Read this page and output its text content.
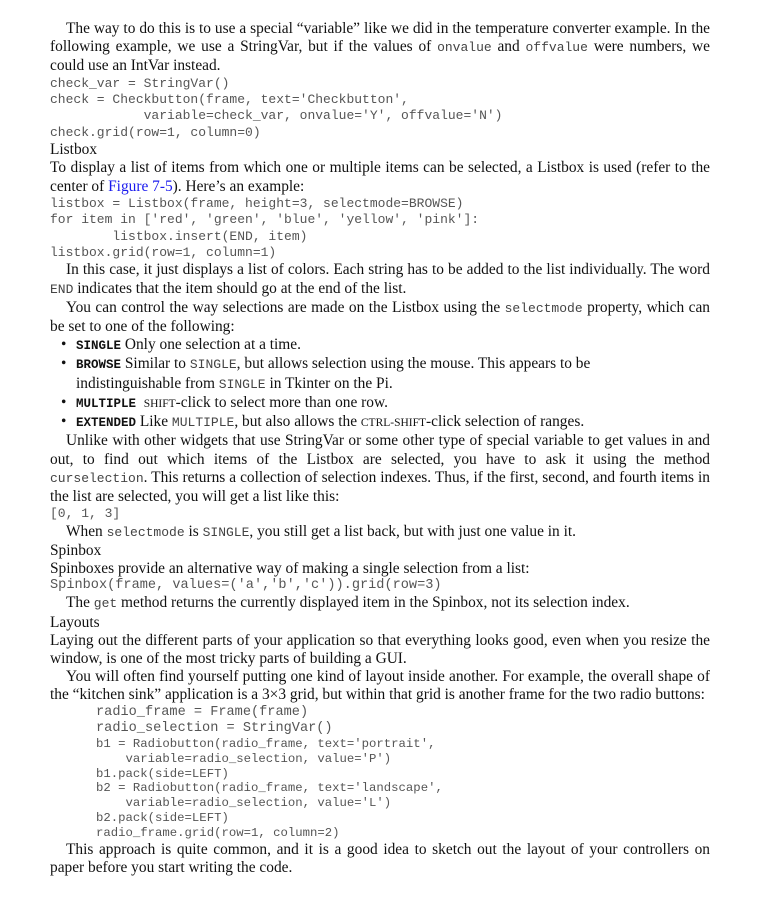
The way to do this is to use a special “variable” like we did in the temperature converter example. In the following example, we use a StringVar, but if the values of onvalue and offvalue were numbers, we could use an IntVar instead.

check_var = StringVar()
check = Checkbutton(frame, text='Checkbutton',
variable=check_var, onvalue='Y', offvalue='N')
check.grid(row=1, column=0)

Listbox

To display a list of items from which one or multiple items can be selected, a Listbox is used (refer to the center of Figure 7-5). Here’s an example:

listbox = Listbox(frame, height=3, selectmode=BROWSE)
for item in ['red', 'green', 'blue', 'yellow', 'pink']:
listbox.insert(END, item)
listbox.grid(row=1, column=1)

In this case, it just displays a list of colors. Each string has to be added to the list individually. The word END indicates that the item should go at the end of the list.

You can control the way selections are made on the Listbox using the selectmode property, which can be set to one of the following:

• SINGLE Only one selection at a time.
• BROWSE Similar to SINGLE, but allows selection using the mouse. This appears to be indistinguishable from SINGLE in Tkinter on the Pi.
• MULTIPLE SHIFT-click to select more than one row.
• EXTENDED Like MULTIPLE, but also allows the CTRL-SHIFT-click selection of ranges.

Unlike with other widgets that use StringVar or some other type of special variable to get values in and out, to find out which items of the Listbox are selected, you have to ask it using the method curselection. This returns a collection of selection indexes. Thus, if the first, second, and fourth items in the list are selected, you will get a list like this:

[0, 1, 3]

When selectmode is SINGLE, you still get a list back, but with just one value in it.

Spinbox

Spinboxes provide an alternative way of making a single selection from a list:

Spinbox(frame, values=('a','b','c')).grid(row=3)

The get method returns the currently displayed item in the Spinbox, not its selection index.

Layouts

Laying out the different parts of your application so that everything looks good, even when you resize the window, is one of the most tricky parts of building a GUI.

You will often find yourself putting one kind of layout inside another. For example, the overall shape of the “kitchen sink” application is a 3×3 grid, but within that grid is another frame for the two radio buttons:

radio_frame = Frame(frame)
radio_selection = StringVar()
b1 = Radiobutton(radio_frame, text='portrait',
variable=radio_selection, value='P')
b1.pack(side=LEFT)
b2 = Radiobutton(radio_frame, text='landscape',
variable=radio_selection, value='L')
b2.pack(side=LEFT)
radio_frame.grid(row=1, column=2)

This approach is quite common, and it is a good idea to sketch out the layout of your controllers on paper before you start writing the code.
